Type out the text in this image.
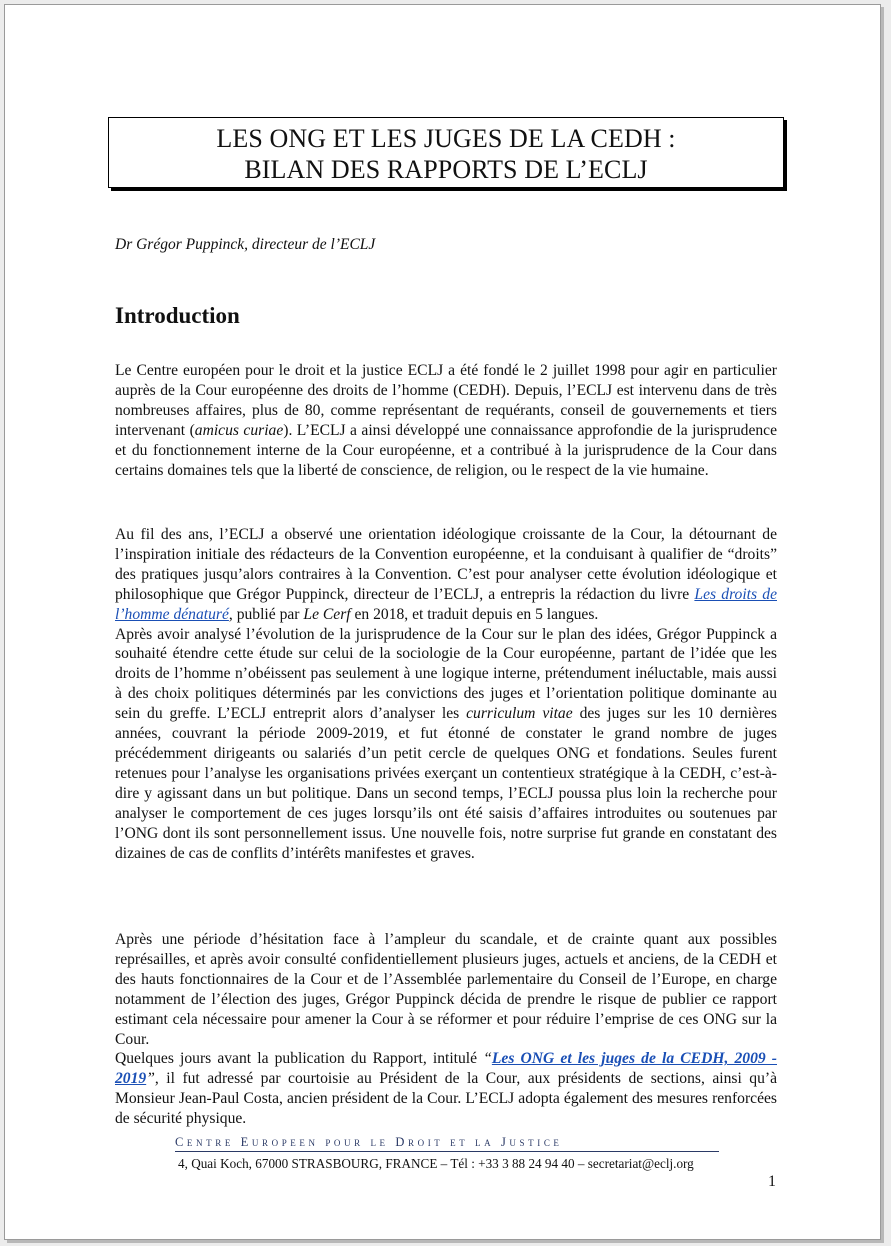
LES ONG ET LES JUGES DE LA CEDH :
BILAN DES RAPPORTS DE L’ECLJ
Dr Grégor Puppinck, directeur de l’ECLJ
Introduction

Le Centre européen pour le droit et la justice ECLJ a été fondé le 2 juillet 1998 pour agir en particulier auprès de la Cour européenne des droits de l’homme (CEDH). Depuis, l’ECLJ est intervenu dans de très nombreuses affaires, plus de 80, comme représentant de requérants, conseil de gouvernements et tiers intervenant (amicus curiae). L’ECLJ a ainsi développé une connaissance approfondie de la jurisprudence et du fonctionnement interne de la Cour européenne, et a contribué à la jurisprudence de la Cour dans certains domaines tels que la liberté de conscience, de religion, ou le respect de la vie humaine.

Au fil des ans, l’ECLJ a observé une orientation idéologique croissante de la Cour, la détournant de l’inspiration initiale des rédacteurs de la Convention européenne, et la conduisant à qualifier de “droits” des pratiques jusqu’alors contraires à la Convention. C’est pour analyser cette évolution idéologique et philosophique que Grégor Puppinck, directeur de l’ECLJ, a entrepris la rédaction du livre Les droits de l’homme dénaturé, publié par Le Cerf en 2018, et traduit depuis en 5 langues.

Après avoir analysé l’évolution de la jurisprudence de la Cour sur le plan des idées, Grégor Puppinck a souhaité étendre cette étude sur celui de la sociologie de la Cour européenne, partant de l’idée que les droits de l’homme n’obéissent pas seulement à une logique interne, prétendument inéluctable, mais aussi à des choix politiques déterminés par les convictions des juges et l’orientation politique dominante au sein du greffe. L’ECLJ entreprit alors d’analyser les curriculum vitae des juges sur les 10 dernières années, couvrant la période 2009-2019, et fut étonné de constater le grand nombre de juges précédemment dirigeants ou salariés d’un petit cercle de quelques ONG et fondations. Seules furent retenues pour l’analyse les organisations privées exerçant un contentieux stratégique à la CEDH, c’est-à-dire y agissant dans un but politique. Dans un second temps, l’ECLJ poussa plus loin la recherche pour analyser le comportement de ces juges lorsqu’ils ont été saisis d’affaires introduites ou soutenues par l’ONG dont ils sont personnellement issus. Une nouvelle fois, notre surprise fut grande en constatant des dizaines de cas de conflits d’intérêts manifestes et graves.

Après une période d’hésitation face à l’ampleur du scandale, et de crainte quant aux possibles représailles, et après avoir consulté confidentiellement plusieurs juges, actuels et anciens, de la CEDH et des hauts fonctionnaires de la Cour et de l’Assemblée parlementaire du Conseil de l’Europe, en charge notamment de l’élection des juges, Grégor Puppinck décida de prendre le risque de publier ce rapport estimant cela nécessaire pour amener la Cour à se réformer et pour réduire l’emprise de ces ONG sur la Cour.

Quelques jours avant la publication du Rapport, intitulé “Les ONG et les juges de la CEDH, 2009 - 2019”, il fut adressé par courtoisie au Président de la Cour, aux présidents de sections, ainsi qu’à Monsieur Jean-Paul Costa, ancien président de la Cour. L’ECLJ adopta également des mesures renforcées de sécurité physique.

Centre Europeen pour le Droit et la Justice
4, Quai Koch, 67000 STRASBOURG, FRANCE – Tél : +33 3 88 24 94 40 – secretariat@eclj.org
1
